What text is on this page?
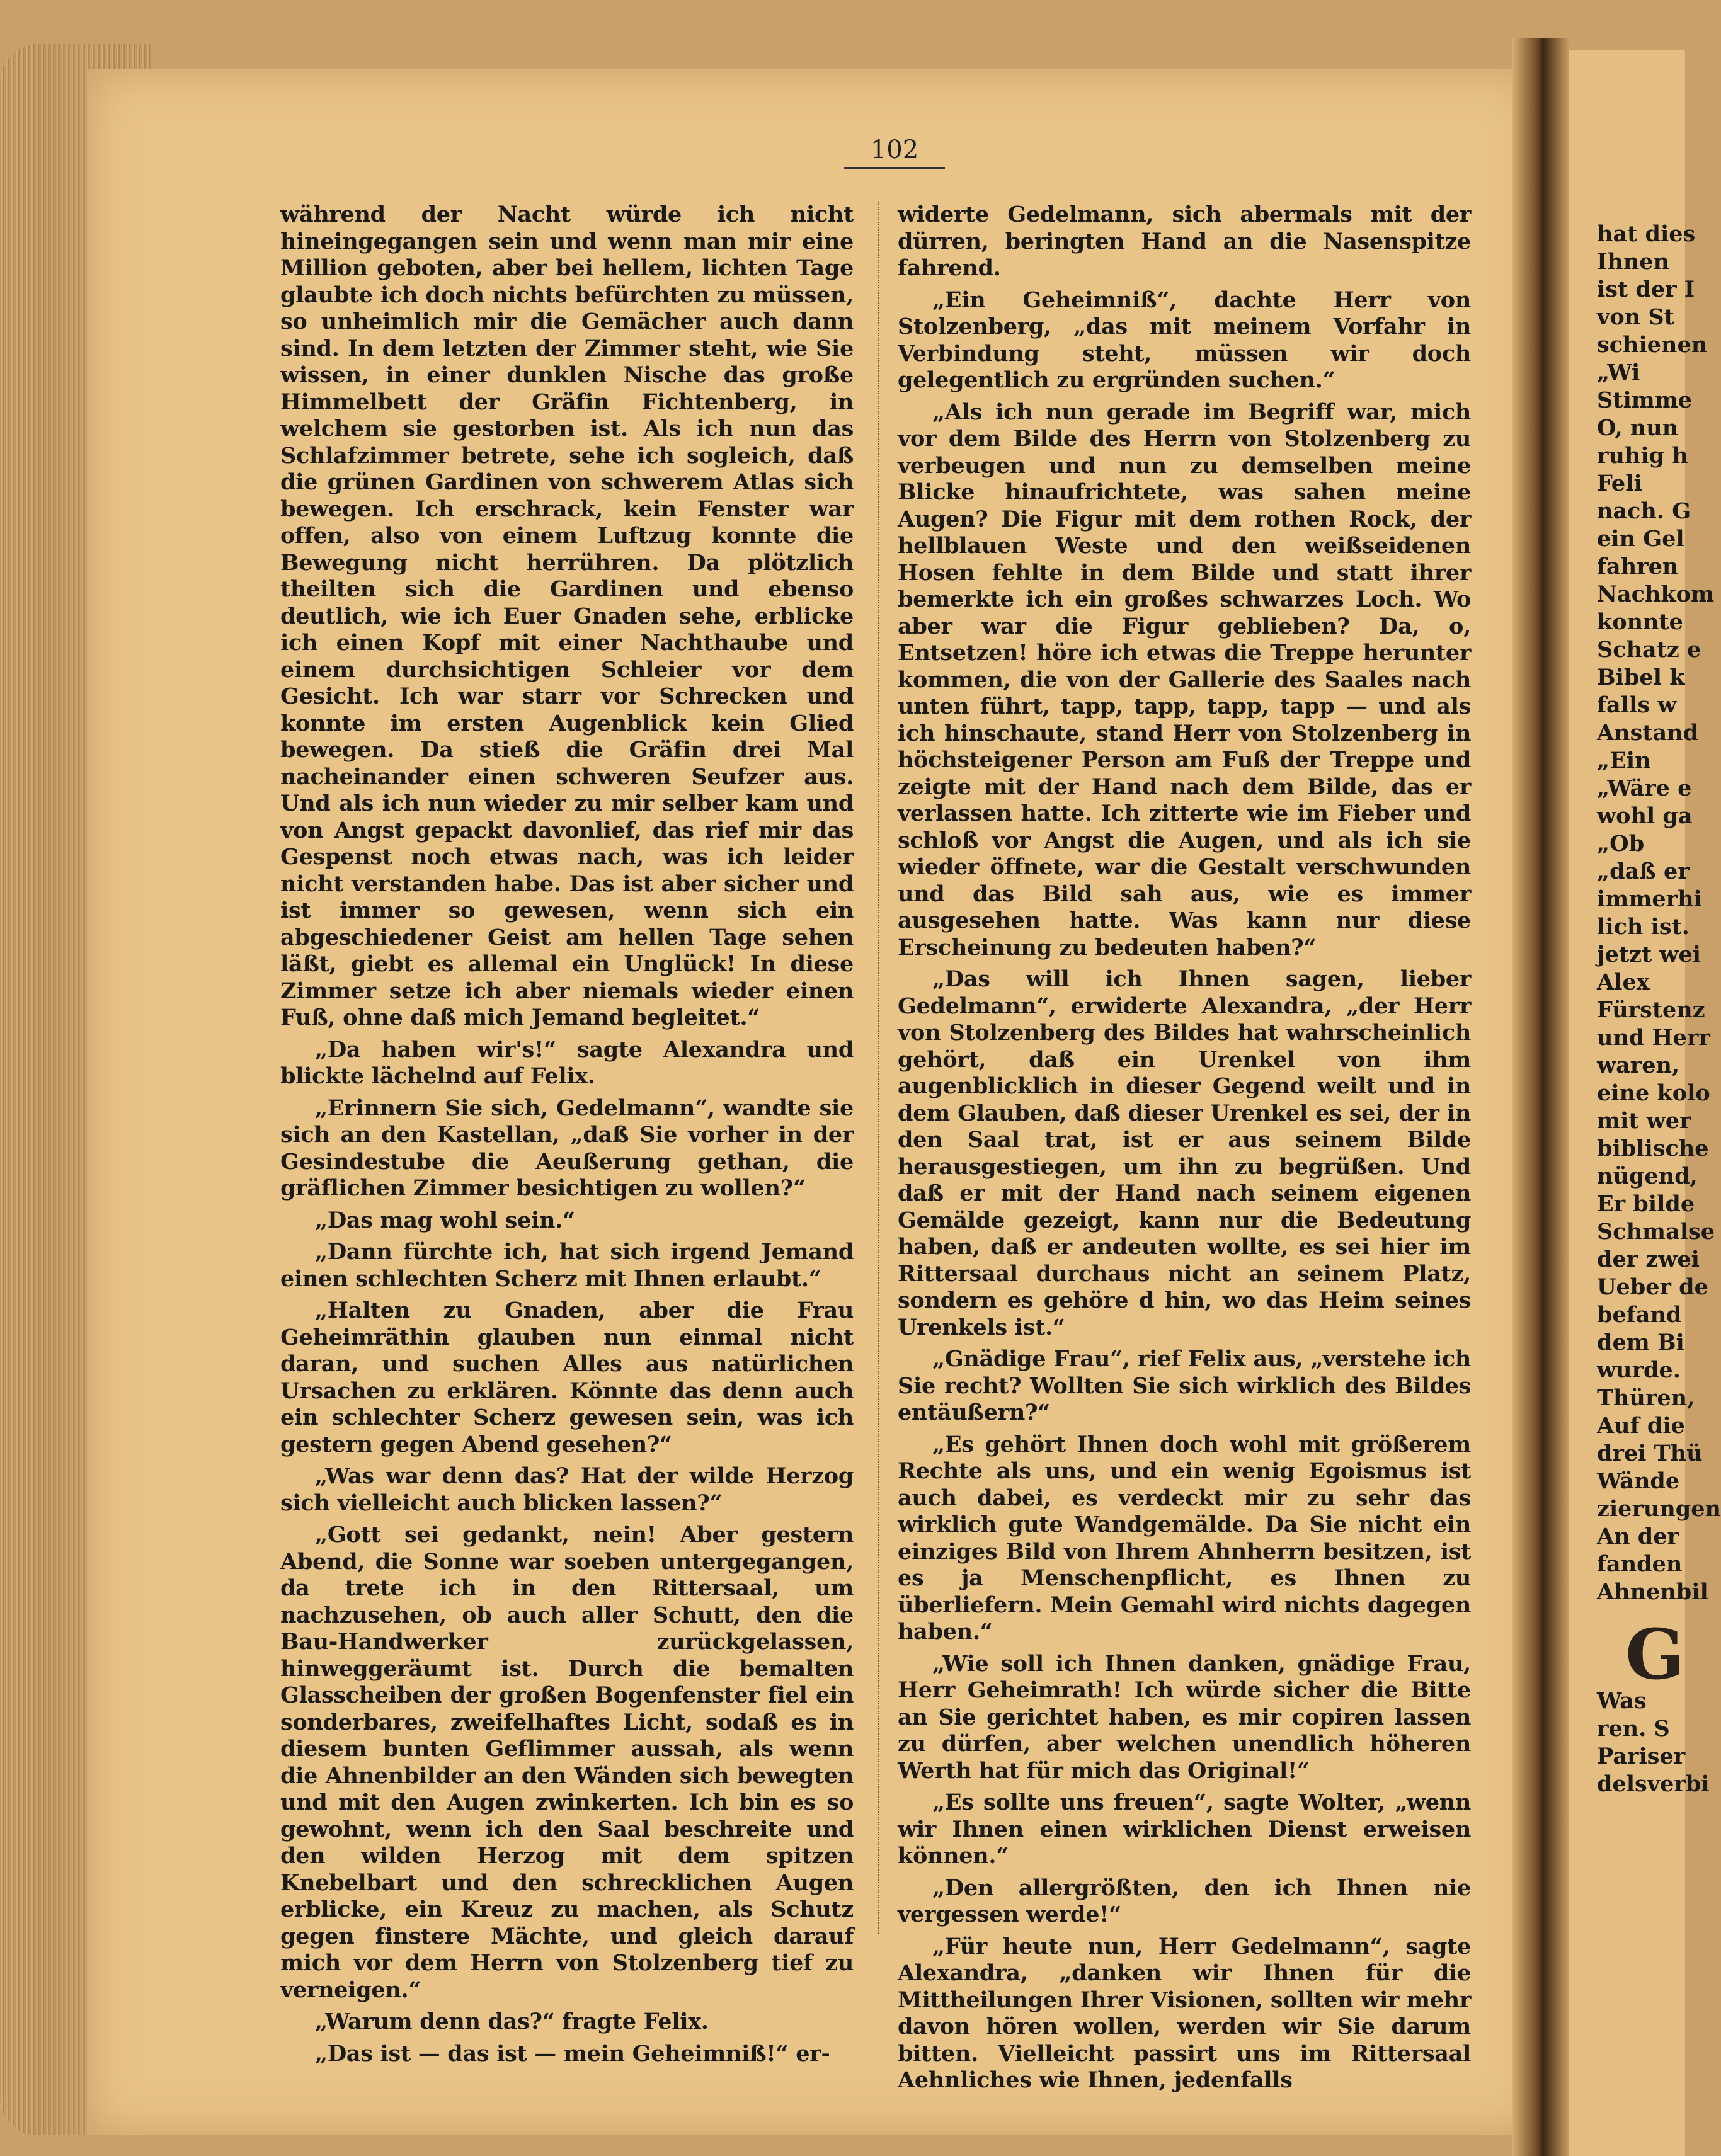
hat dies

Ihnen

ist der I

von St

schienen

„Wi

Stimme

O, nun

ruhig h

Feli

nach. G

ein Gel

fahren

Nachkom

konnte

Schatz e

Bibel k

falls w

Anstand

„Ein

„Wäre e

wohl ga

„Ob

„daß er

immerhi

lich ist.

jetzt wei

Alex

Fürstenz

und Herr

waren,

eine kolo

mit wer

biblische

nügend,

Er bilde

Schmalse

der zwei

Ueber de

befand

dem Bi

wurde.

Thüren,

Auf die

drei Thü

Wände

zierungen

An der

fanden

Ahnenbil

G

Was

ren. S

Pariser

delsverbi

102

während der Nacht würde ich nicht hineingegangen sein und wenn man mir eine Million geboten, aber bei hellem, lichten Tage glaubte ich doch nichts befürchten zu müssen, so unheimlich mir die Gemächer auch dann sind. In dem letzten der Zimmer steht, wie Sie wissen, in einer dunklen Nische das große Himmelbett der Gräfin Fichtenberg, in welchem sie gestorben ist. Als ich nun das Schlafzimmer betrete, sehe ich sogleich, daß die grünen Gardinen von schwerem Atlas sich bewegen. Ich erschrack, kein Fenster war offen, also von einem Luftzug konnte die Bewegung nicht herrühren. Da plötzlich theilten sich die Gardinen und ebenso deutlich, wie ich Euer Gnaden sehe, erblicke ich einen Kopf mit einer Nachthaube und einem durchsichtigen Schleier vor dem Gesicht. Ich war starr vor Schrecken und konnte im ersten Augenblick kein Glied bewegen. Da stieß die Gräfin drei Mal nacheinander einen schweren Seufzer aus. Und als ich nun wieder zu mir selber kam und von Angst gepackt davonlief, das rief mir das Gespenst noch etwas nach, was ich leider nicht verstanden habe. Das ist aber sicher und ist immer so gewesen, wenn sich ein abgeschiedener Geist am hellen Tage sehen läßt, giebt es allemal ein Unglück! In diese Zimmer setze ich aber niemals wieder einen Fuß, ohne daß mich Jemand begleitet.“

„Da haben wir's!“ sagte Alexandra und blickte lächelnd auf Felix.

„Erinnern Sie sich, Gedelmann“, wandte sie sich an den Kastellan, „daß Sie vorher in der Gesindestube die Aeußerung gethan, die gräflichen Zimmer besichtigen zu wollen?“

„Das mag wohl sein.“

„Dann fürchte ich, hat sich irgend Jemand einen schlechten Scherz mit Ihnen erlaubt.“

„Halten zu Gnaden, aber die Frau Geheimräthin glauben nun einmal nicht daran, und suchen Alles aus natürlichen Ursachen zu erklären. Könnte das denn auch ein schlechter Scherz gewesen sein, was ich gestern gegen Abend gesehen?“

„Was war denn das? Hat der wilde Herzog sich vielleicht auch blicken lassen?“

„Gott sei gedankt, nein! Aber gestern Abend, die Sonne war soeben untergegangen, da trete ich in den Rittersaal, um nachzusehen, ob auch aller Schutt, den die Bau-Handwerker zurückgelassen, hinweggeräumt ist. Durch die bemalten Glasscheiben der großen Bogenfenster fiel ein sonderbares, zweifelhaftes Licht, sodaß es in diesem bunten Geflimmer aussah, als wenn die Ahnenbilder an den Wänden sich bewegten und mit den Augen zwinkerten. Ich bin es so gewohnt, wenn ich den Saal beschreite und den wilden Herzog mit dem spitzen Knebelbart und den schrecklichen Augen erblicke, ein Kreuz zu machen, als Schutz gegen finstere Mächte, und gleich darauf mich vor dem Herrn von Stolzenberg tief zu verneigen.“

„Warum denn das?“ fragte Felix.

„Das ist — das ist — mein Geheimniß!“ er-

widerte Gedelmann, sich abermals mit der dürren, beringten Hand an die Nasenspitze fahrend.

„Ein Geheimniß“, dachte Herr von Stolzenberg, „das mit meinem Vorfahr in Verbindung steht, müssen wir doch gelegentlich zu ergründen suchen.“

„Als ich nun gerade im Begriff war, mich vor dem Bilde des Herrn von Stolzenberg zu verbeugen und nun zu demselben meine Blicke hinaufrichtete, was sahen meine Augen? Die Figur mit dem rothen Rock, der hellblauen Weste und den weißseidenen Hosen fehlte in dem Bilde und statt ihrer bemerkte ich ein großes schwarzes Loch. Wo aber war die Figur geblieben? Da, o, Entsetzen! höre ich etwas die Treppe herunter kommen, die von der Gallerie des Saales nach unten führt, tapp, tapp, tapp, tapp — und als ich hinschaute, stand Herr von Stolzenberg in höchsteigener Person am Fuß der Treppe und zeigte mit der Hand nach dem Bilde, das er verlassen hatte. Ich zitterte wie im Fieber und schloß vor Angst die Augen, und als ich sie wieder öffnete, war die Gestalt verschwunden und das Bild sah aus, wie es immer ausgesehen hatte. Was kann nur diese Erscheinung zu bedeuten haben?“

„Das will ich Ihnen sagen, lieber Gedelmann“, erwiderte Alexandra, „der Herr von Stolzenberg des Bildes hat wahrscheinlich gehört, daß ein Urenkel von ihm augenblicklich in dieser Gegend weilt und in dem Glauben, daß dieser Urenkel es sei, der in den Saal trat, ist er aus seinem Bilde herausgestiegen, um ihn zu begrüßen. Und daß er mit der Hand nach seinem eigenen Gemälde gezeigt, kann nur die Bedeutung haben, daß er andeuten wollte, es sei hier im Rittersaal durchaus nicht an seinem Platz, sondern es gehöre d hin, wo das Heim seines Urenkels ist.“

„Gnädige Frau“, rief Felix aus, „verstehe ich Sie recht? Wollten Sie sich wirklich des Bildes entäußern?“

„Es gehört Ihnen doch wohl mit größerem Rechte als uns, und ein wenig Egoismus ist auch dabei, es verdeckt mir zu sehr das wirklich gute Wandgemälde. Da Sie nicht ein einziges Bild von Ihrem Ahnherrn besitzen, ist es ja Menschenpflicht, es Ihnen zu überliefern. Mein Gemahl wird nichts dagegen haben.“

„Wie soll ich Ihnen danken, gnädige Frau, Herr Geheimrath! Ich würde sicher die Bitte an Sie gerichtet haben, es mir copiren lassen zu dürfen, aber welchen unendlich höheren Werth hat für mich das Original!“

„Es sollte uns freuen“, sagte Wolter, „wenn wir Ihnen einen wirklichen Dienst erweisen können.“

„Den allergrößten, den ich Ihnen nie vergessen werde!“

„Für heute nun, Herr Gedelmann“, sagte Alexandra, „danken wir Ihnen für die Mittheilungen Ihrer Visionen, sollten wir mehr davon hören wollen, werden wir Sie darum bitten. Vielleicht passirt uns im Rittersaal Aehnliches wie Ihnen, jedenfalls
